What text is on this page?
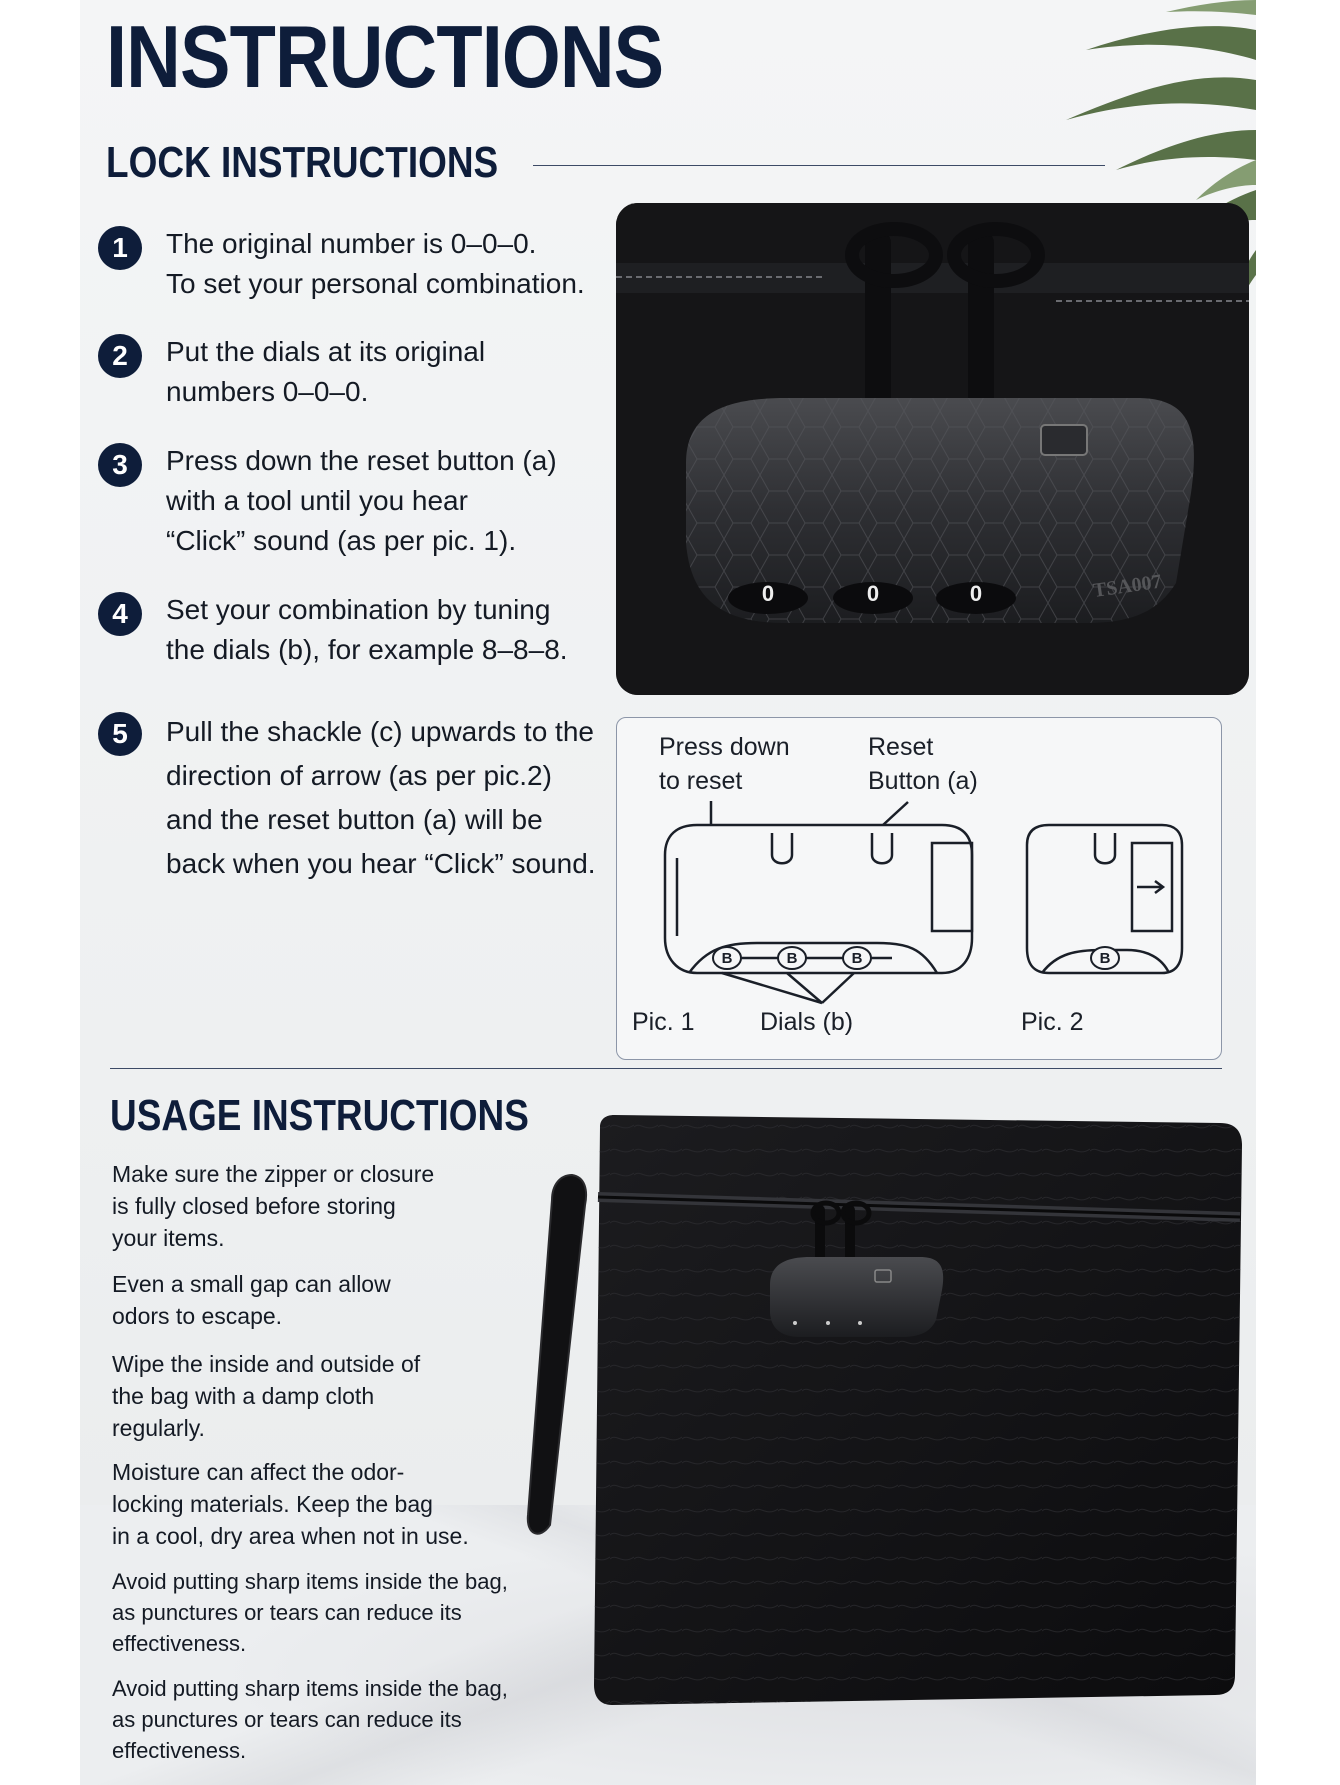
INSTRUCTIONS
LOCK INSTRUCTIONS
1	The original number is 0–0–0.
To set your personal combination.
2	Put the dials at its original
numbers 0–0–0.
3	Press down the reset button (a)
with a tool until you hear
“Click” sound (as per pic. 1).
4	Set your combination by tuning
the dials (b), for example 8–8–8.
5	Pull the shackle (c) upwards to the
direction of arrow (as per pic.2)
and the reset button (a) will be
back when you hear “Click” sound.
0	0	0	TSA007
Press down
to reset
Reset
Button (a)
B	B	B	B
Pic. 1	Dials (b)	Pic. 2
USAGE INSTRUCTIONS
Make sure the zipper or closure
is fully closed before storing
your items.
Even a small gap can allow
odors to escape.
Wipe the inside and outside of
the bag with a damp cloth
regularly.
Moisture can affect the odor-
locking materials. Keep the bag
in a cool, dry area when not in use.
Avoid putting sharp items inside the bag,
as punctures or tears can reduce its
effectiveness.
Avoid putting sharp items inside the bag,
as punctures or tears can reduce its
effectiveness.
